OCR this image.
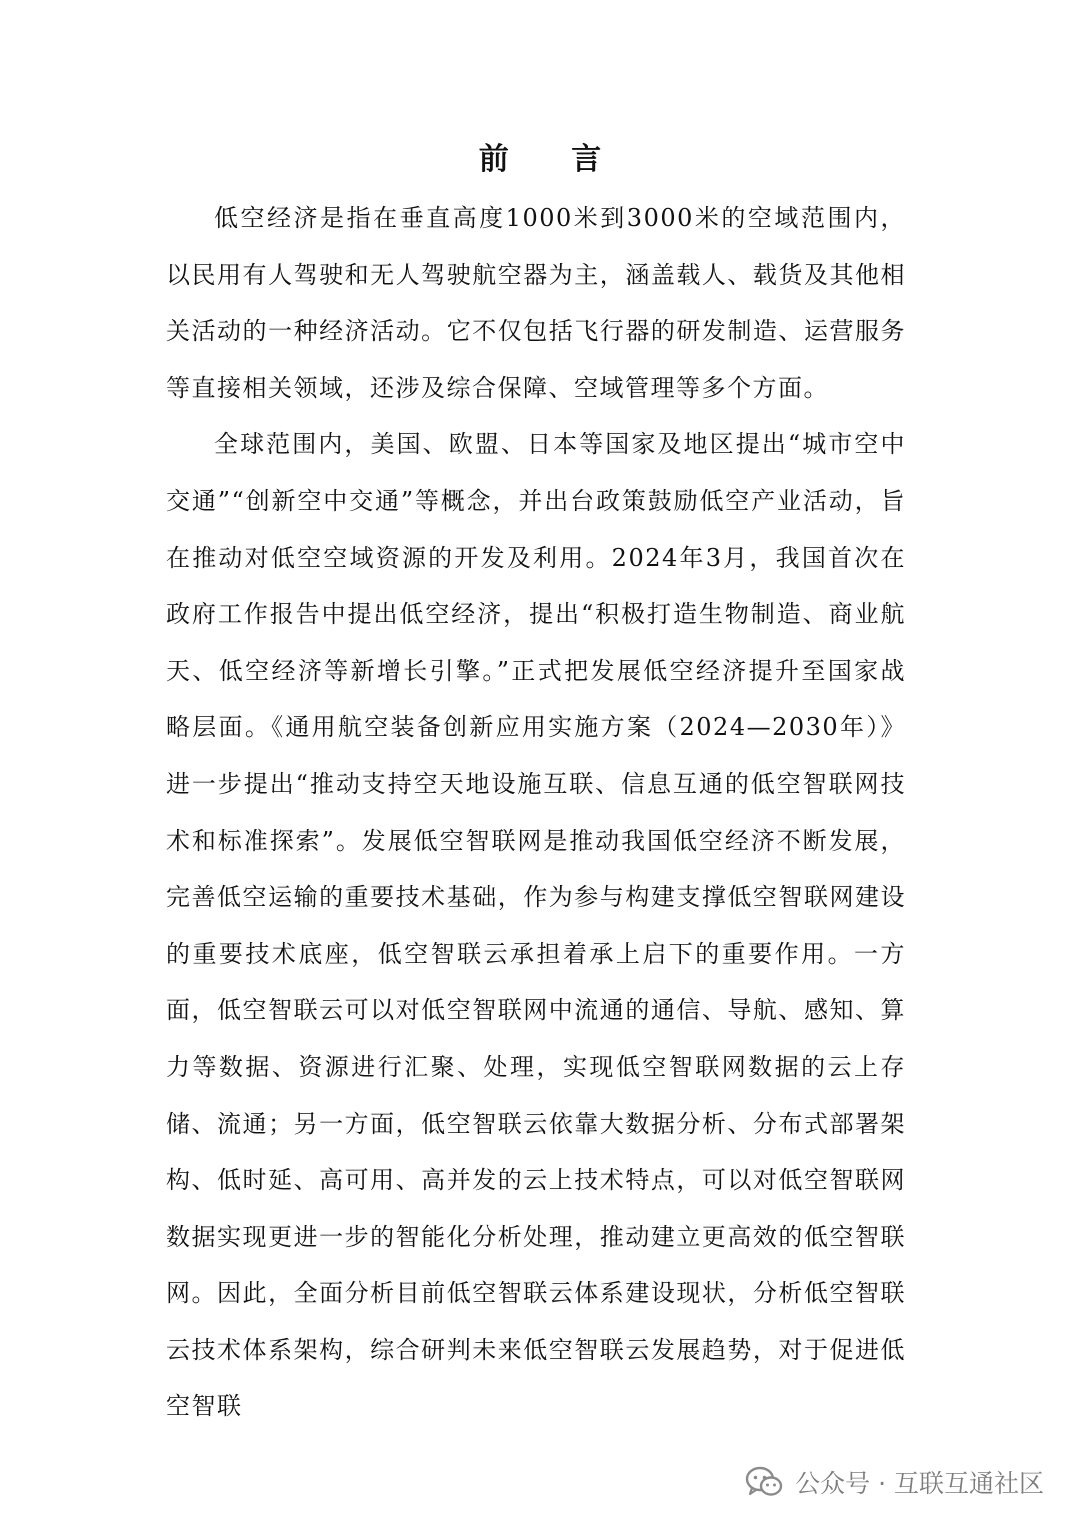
前 言

低空经济是指在垂直高度1000米到3000米的空域范围内，以民用有人驾驶和无人驾驶航空器为主，涵盖载人、载货及其他相关活动的一种经济活动。它不仅包括飞行器的研发制造、运营服务等直接相关领域，还涉及综合保障、空域管理等多个方面。

全球范围内，美国、欧盟、日本等国家及地区提出“城市空中交通”“创新空中交通”等概念，并出台政策鼓励低空产业活动，旨在推动对低空空域资源的开发及利用。2024年3月，我国首次在政府工作报告中提出低空经济，提出“积极打造生物制造、商业航天、低空经济等新增长引擎。”正式把发展低空经济提升至国家战略层面。《通用航空装备创新应用实施方案（2024—2030年）》进一步提出“推动支持空天地设施互联、信息互通的低空智联网技术和标准探索”。发展低空智联网是推动我国低空经济不断发展，完善低空运输的重要技术基础，作为参与构建支撑低空智联网建设的重要技术底座，低空智联云承担着承上启下的重要作用。一方面，低空智联云可以对低空智联网中流通的通信、导航、感知、算力等数据、资源进行汇聚、处理，实现低空智联网数据的云上存储、流通；另一方面，低空智联云依靠大数据分析、分布式部署架构、低时延、高可用、高并发的云上技术特点，可以对低空智联网数据实现更进一步的智能化分析处理，推动建立更高效的低空智联网。因此，全面分析目前低空智联云体系建设现状，分析低空智联云技术体系架构，综合研判未来低空智联云发展趋势，对于促进低空智联

公众号 · 互联互通社区
